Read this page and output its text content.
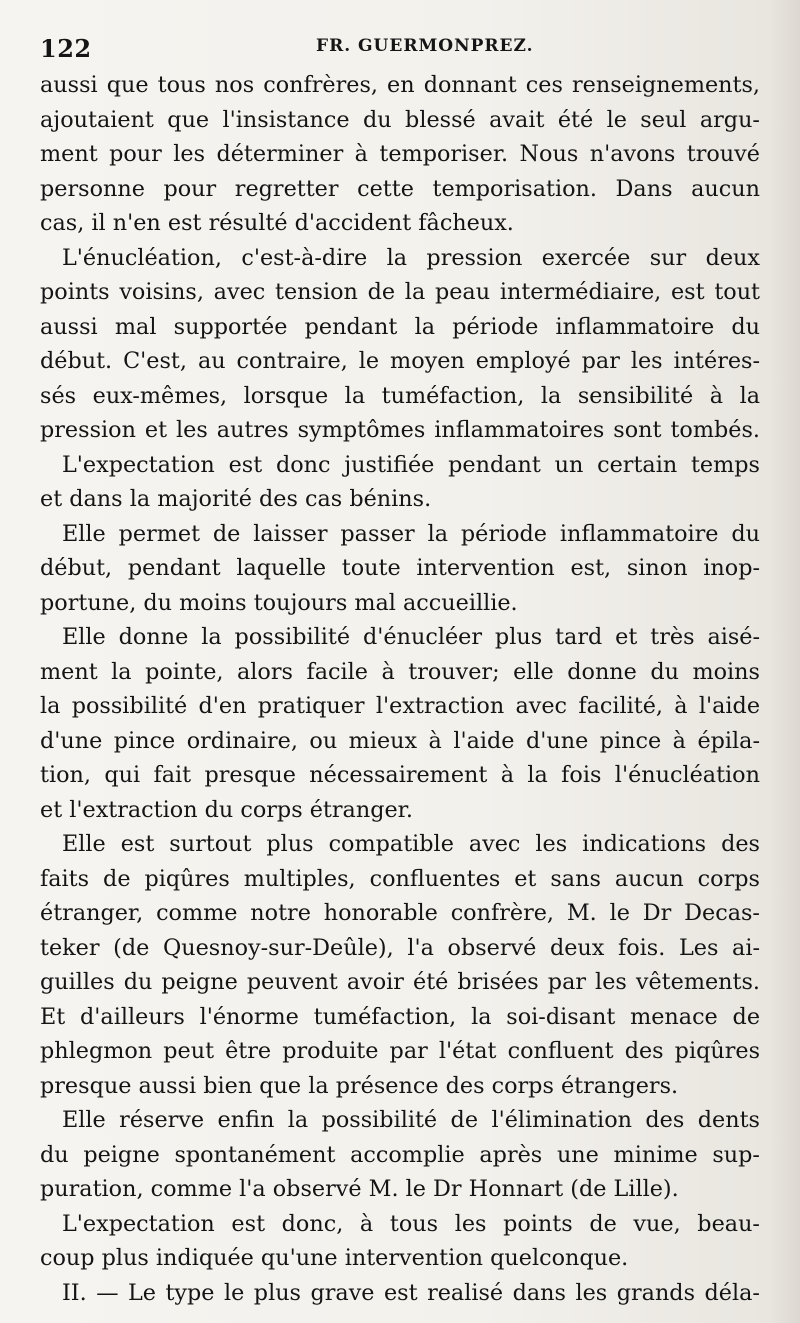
122	FR. GUERMONPREZ.
aussi que tous nos confrères, en donnant ces renseignements,
ajoutaient que l'insistance du blessé avait été le seul argu-
ment pour les déterminer à temporiser. Nous n'avons trouvé
personne pour regretter cette temporisation. Dans aucun
cas, il n'en est résulté d'accident fâcheux.
L'énucléation, c'est-à-dire la pression exercée sur deux
points voisins, avec tension de la peau intermédiaire, est tout
aussi mal supportée pendant la période inflammatoire du
début. C'est, au contraire, le moyen employé par les intéres-
sés eux-mêmes, lorsque la tuméfaction, la sensibilité à la
pression et les autres symptômes inflammatoires sont tombés.
L'expectation est donc justifiée pendant un certain temps
et dans la majorité des cas bénins.
Elle permet de laisser passer la période inflammatoire du
début, pendant laquelle toute intervention est, sinon inop-
portune, du moins toujours mal accueillie.
Elle donne la possibilité d'énucléer plus tard et très aisé-
ment la pointe, alors facile à trouver; elle donne du moins
la possibilité d'en pratiquer l'extraction avec facilité, à l'aide
d'une pince ordinaire, ou mieux à l'aide d'une pince à épila-
tion, qui fait presque nécessairement à la fois l'énucléation
et l'extraction du corps étranger.
Elle est surtout plus compatible avec les indications des
faits de piqûres multiples, confluentes et sans aucun corps
étranger, comme notre honorable confrère, M. le Dr Decas-
teker (de Quesnoy-sur-Deûle), l'a observé deux fois. Les ai-
guilles du peigne peuvent avoir été brisées par les vêtements.
Et d'ailleurs l'énorme tuméfaction, la soi-disant menace de
phlegmon peut être produite par l'état confluent des piqûres
presque aussi bien que la présence des corps étrangers.
Elle réserve enfin la possibilité de l'élimination des dents
du peigne spontanément accomplie après une minime sup-
puration, comme l'a observé M. le Dr Honnart (de Lille).
L'expectation est donc, à tous les points de vue, beau-
coup plus indiquée qu'une intervention quelconque.
II. — Le type le plus grave est realisé dans les grands déla-
